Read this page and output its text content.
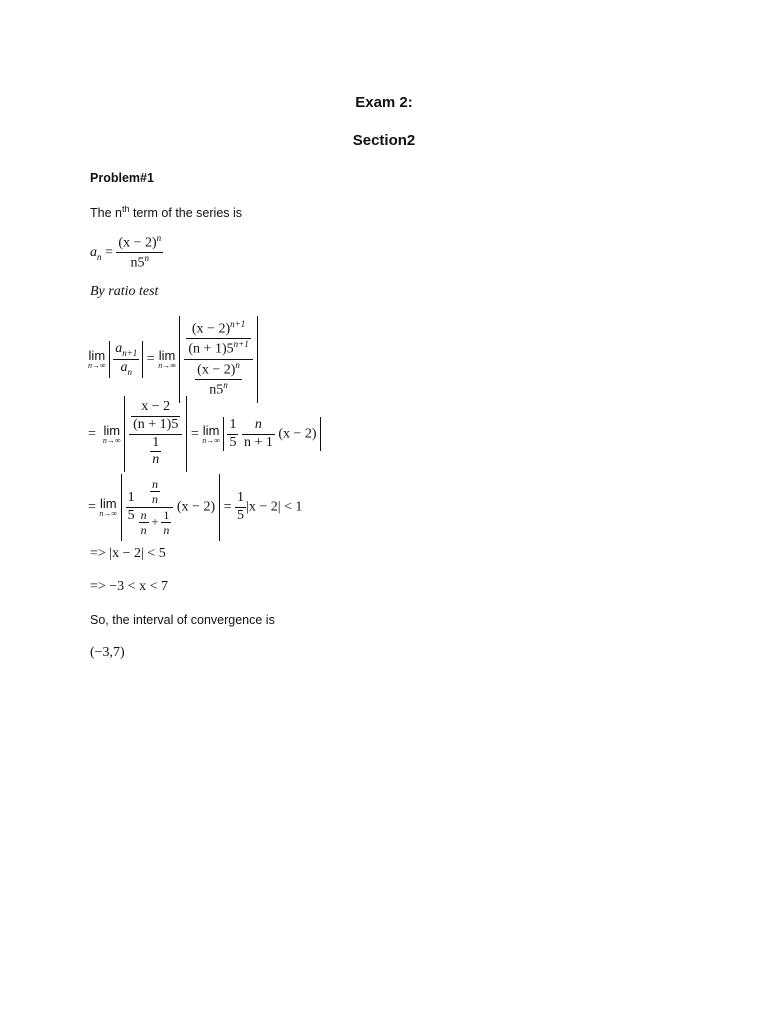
Exam 2:
Section2
Problem#1
The $n^{th}$ term of the series is
$a_n = \frac{(x - 2)^n}{n5^n}$
By ratio test
lim
n→∞
$\frac{a_{n+1}}{a_n} = \lim$
n→∞
$\frac{\frac{(x - 2)^{n+1}}{(n + 1)5^{n+1}}}{\frac{(x - 2)^n}{n5^n}}$
= lim
n→∞
$\frac{\frac{x - 2}{(n + 1)5}}{\frac{1}{n}} = \lim$
n→∞
$\frac{1}{5}$
$\frac{n}{n + 1} (x - 2)$
= lim
n→∞
$\frac{1}{5} \frac{\frac{n}{n}}{\frac{n}{n} + \frac{1}{n}} (x - 2) = \frac{1}{5} |x - 2| < 1$
=> |x − 2| < 5
=> −3 < x < 7
So, the interval of convergence is
(−3,7)
